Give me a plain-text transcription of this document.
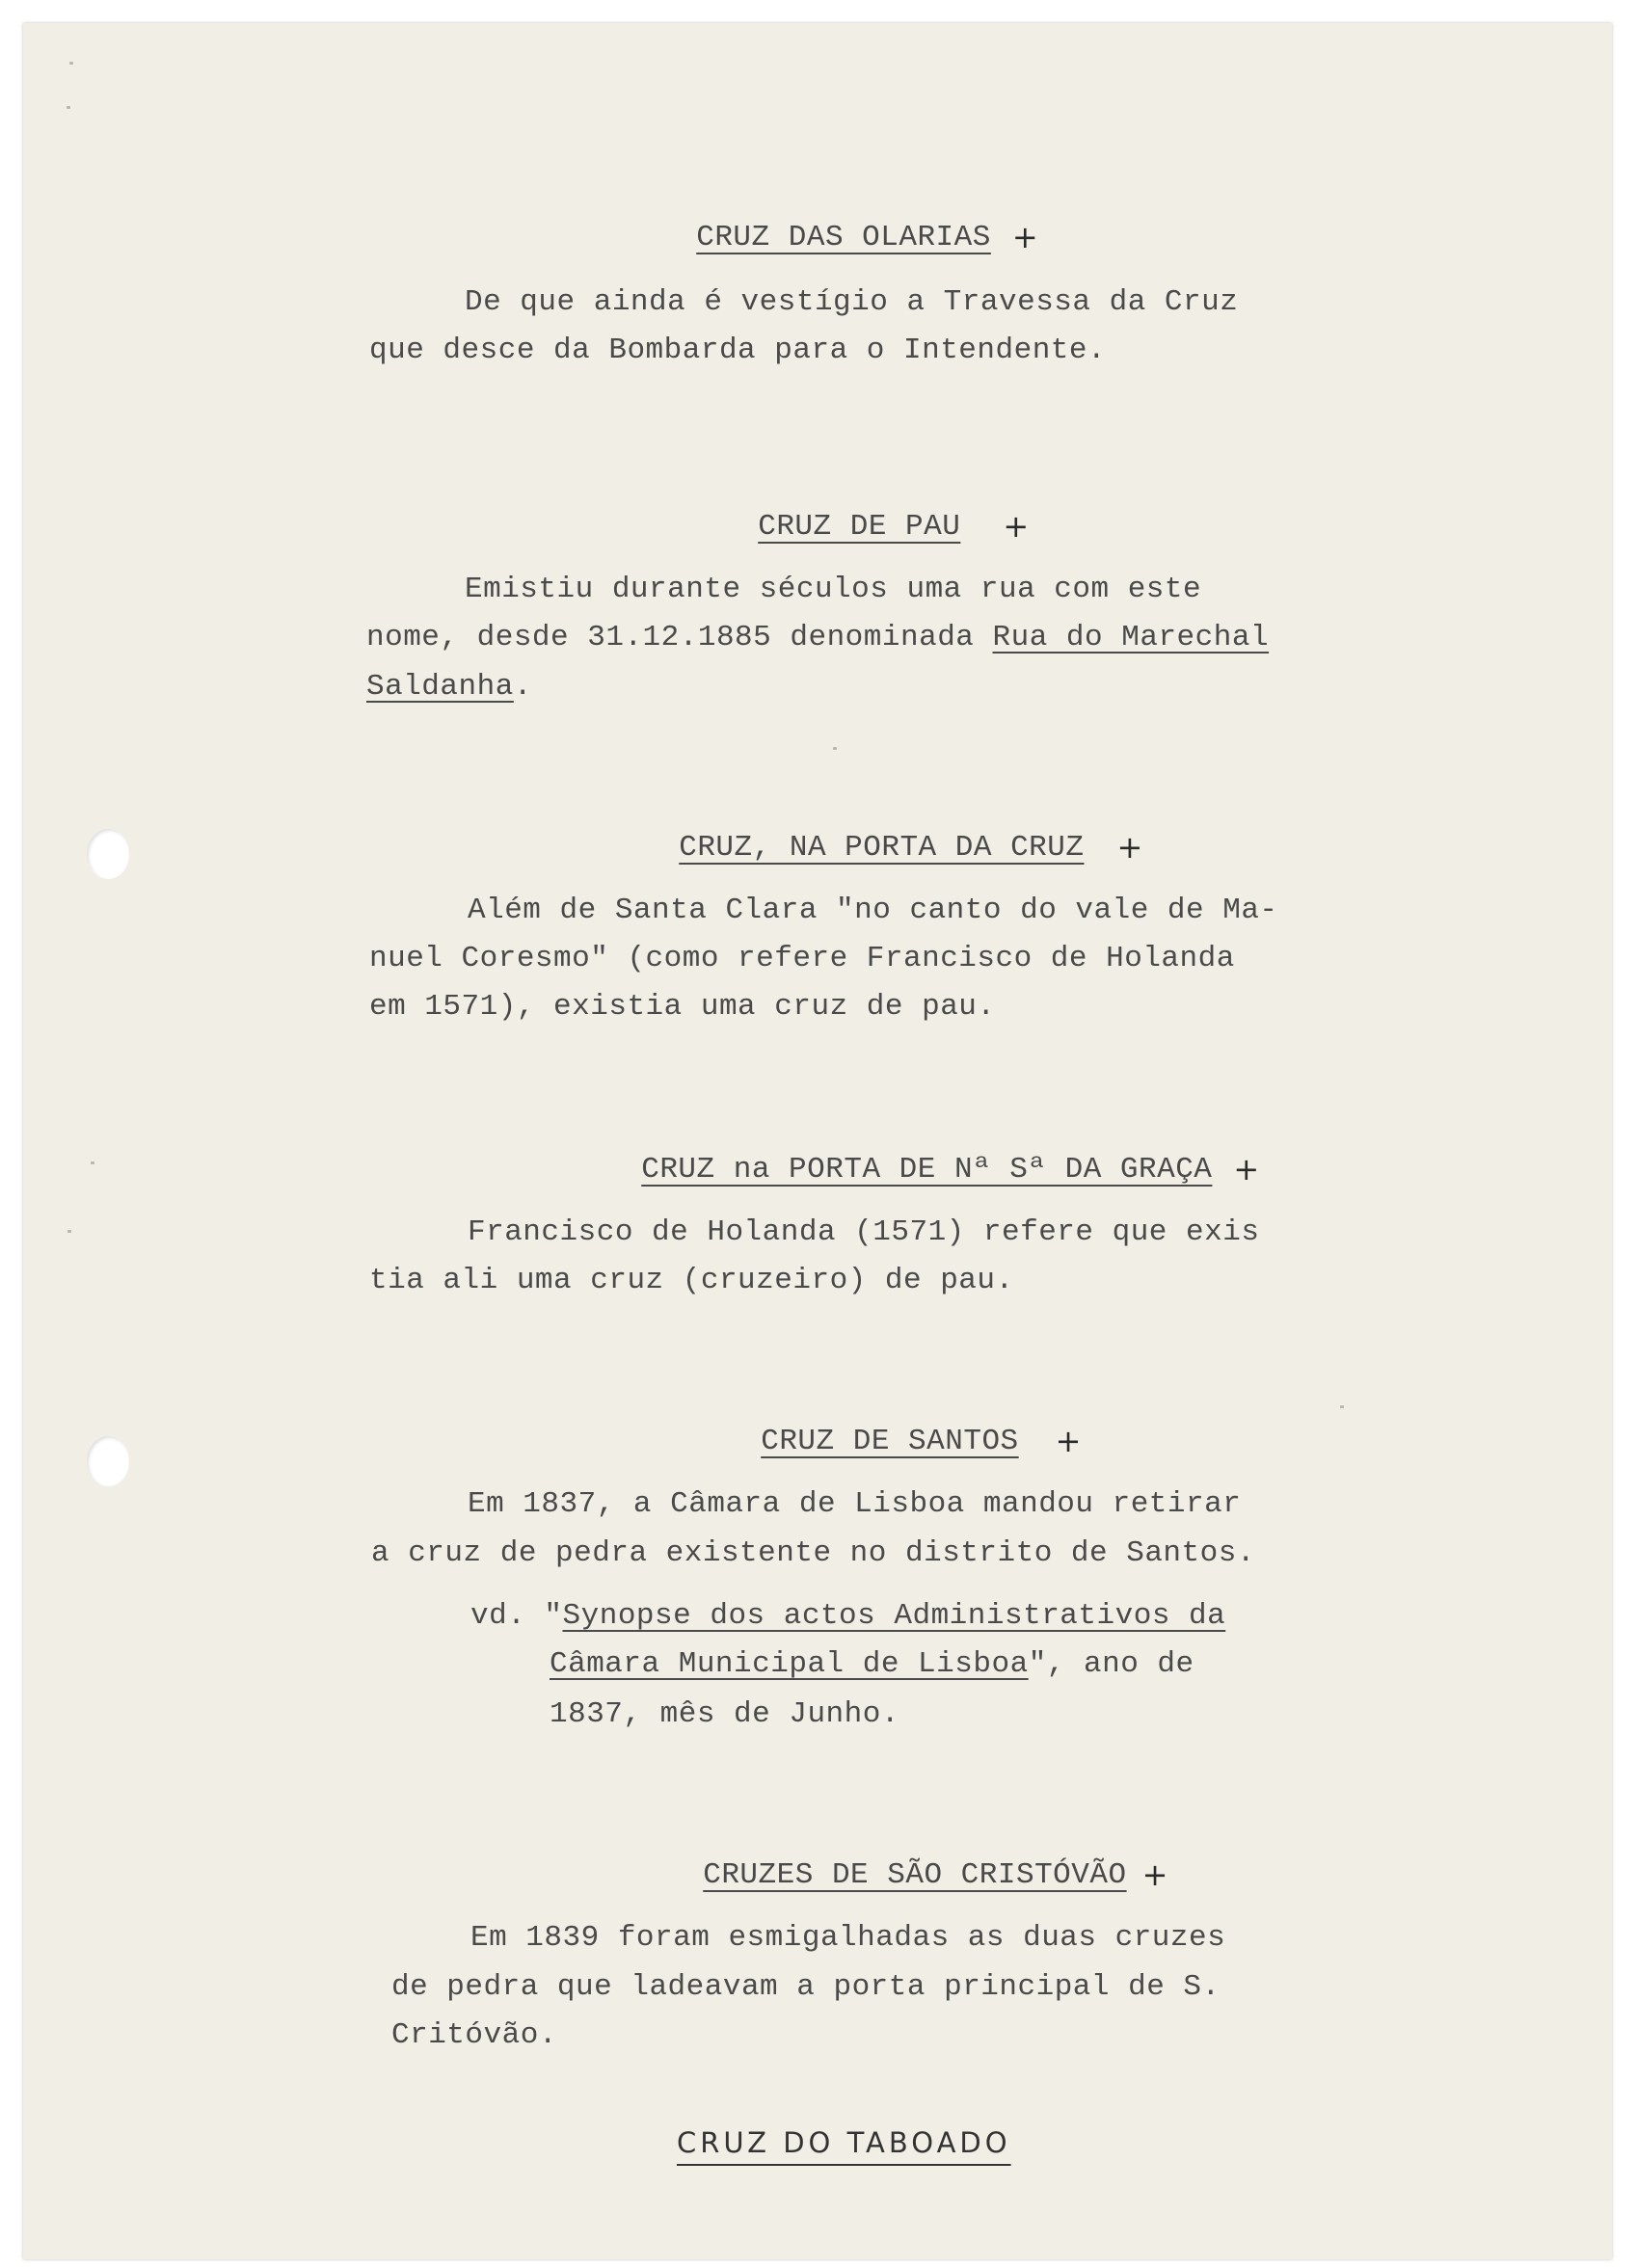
CRUZ DAS OLARIAS +

De que ainda é vestígio a Travessa da Cruz
que desce da Bombarda para o Intendente.

CRUZ DE PAU +

Emistiu durante séculos uma rua com este
nome, desde 31.12.1885 denominada Rua do Marechal
Saldanha.

CRUZ, NA PORTA DA CRUZ +

Além de Santa Clara "no canto do vale de Ma-
nuel Coresmo" (como refere Francisco de Holanda
em 1571), existia uma cruz de pau.

CRUZ na PORTA DE Nª Sª DA GRAÇA +

Francisco de Holanda (1571) refere que exis
tia ali uma cruz (cruzeiro) de pau.

CRUZ DE SANTOS +

Em 1837, a Câmara de Lisboa mandou retirar
a cruz de pedra existente no distrito de Santos.
vd. "Synopse dos actos Administrativos da
Câmara Municipal de Lisboa", ano de
1837, mês de Junho.

CRUZES DE SÃO CRISTÓVÃO +

Em 1839 foram esmigalhadas as duas cruzes
de pedra que ladeavam a porta principal de S.
Critóvão.
CRUZ DO TABOADO
